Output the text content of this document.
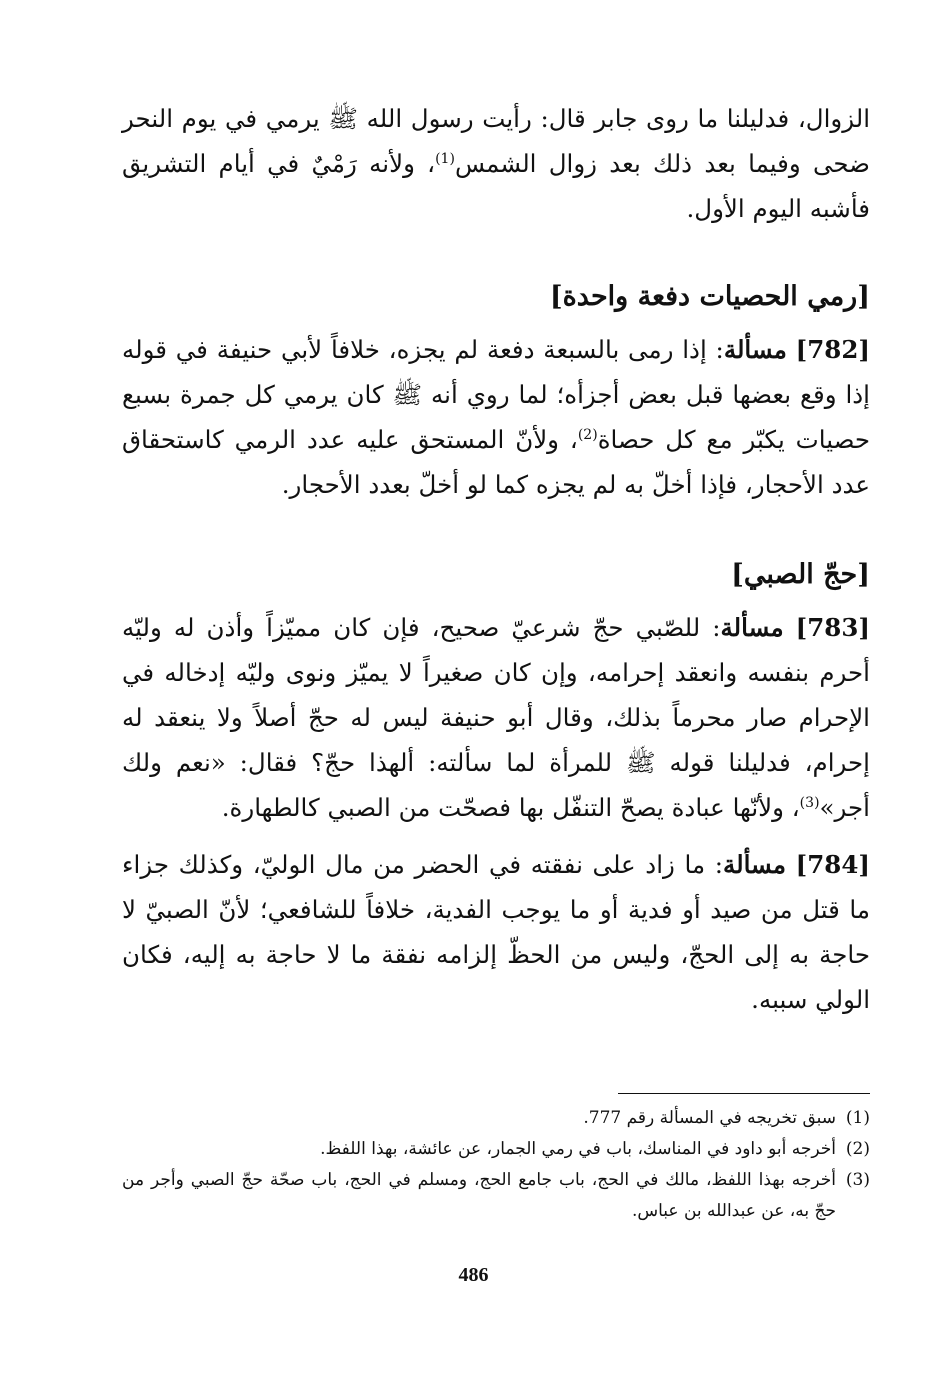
الزوال، فدليلنا ما روى جابر قال: رأيت رسول الله ﷺ يرمي في يوم النحر ضحى وفيما بعد ذلك بعد زوال الشمس$^{(1)}$، ولأنه رَمْيٌ في أيام التشريق فأشبه اليوم الأول.

[رمي الحصيات دفعة واحدة]

[782] مسألة: إذا رمى بالسبعة دفعة لم يجزه، خلافاً لأبي حنيفة في قوله إذا وقع بعضها قبل بعض أجزأه؛ لما روي أنه ﷺ كان يرمي كل جمرة بسبع حصيات يكبّر مع كل حصاة$^{(2)}$، ولأنّ المستحق عليه عدد الرمي كاستحقاق عدد الأحجار، فإذا أخلّ به لم يجزه كما لو أخلّ بعدد الأحجار.

[حجّ الصبي]

[783] مسألة: للصّبي حجّ شرعيّ صحيح، فإن كان مميّزاً وأذن له وليّه أحرم بنفسه وانعقد إحرامه، وإن كان صغيراً لا يميّز ونوى وليّه إدخاله في الإحرام صار محرماً بذلك، وقال أبو حنيفة ليس له حجّ أصلاً ولا ينعقد له إحرام، فدليلنا قوله ﷺ للمرأة لما سألته: ألهذا حجّ؟ فقال: «نعم ولك أجر»$^{(3)}$، ولأنّها عبادة يصحّ التنفّل بها فصحّت من الصبي كالطهارة.

[784] مسألة: ما زاد على نفقته في الحضر من مال الوليّ، وكذلك جزاء ما قتل من صيد أو فدية أو ما يوجب الفدية، خلافاً للشافعي؛ لأنّ الصبيّ لا حاجة به إلى الحجّ، وليس من الحظّ إلزامه نفقة ما لا حاجة به إليه، فكان الولي سببه.

(1)
سبق تخريجه في المسألة رقم 777.
(2)
أخرجه أبو داود في المناسك، باب في رمي الجمار، عن عائشة، بهذا اللفظ.
(3)
أخرجه بهذا اللفظ، مالك في الحج، باب جامع الحج، ومسلم في الحج، باب صحّة حجّ الصبي وأجر من حجّ به، عن عبدالله بن عباس.
486
